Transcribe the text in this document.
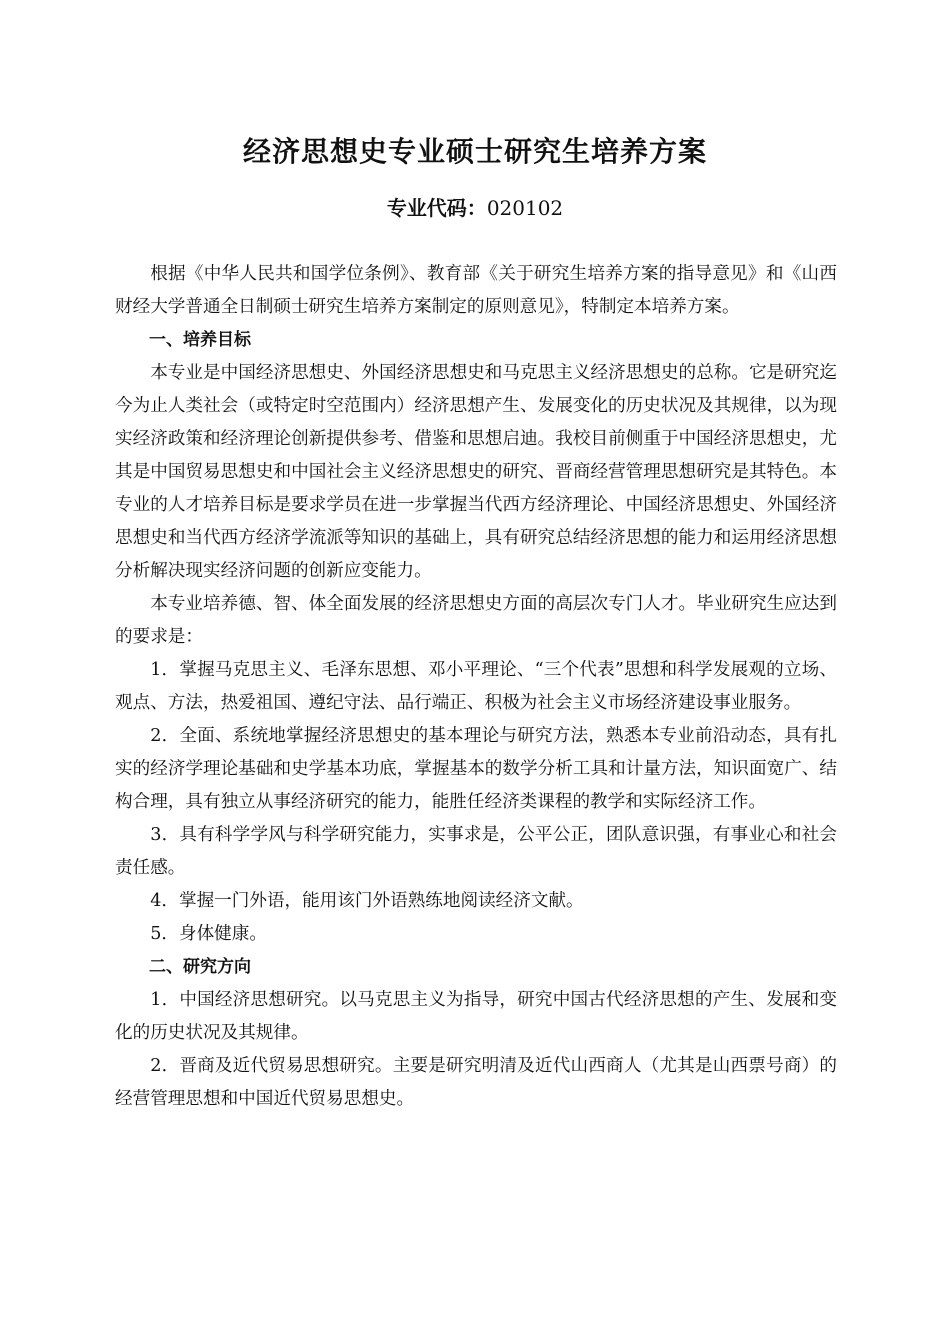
经济思想史专业硕士研究生培养方案
专业代码：020102

根据《中华人民共和国学位条例》、教育部《关于研究生培养方案的指导意见》和《山西财经大学普通全日制硕士研究生培养方案制定的原则意见》，特制定本培养方案。

一、培养目标

本专业是中国经济思想史、外国经济思想史和马克思主义经济思想史的总称。它是研究迄今为止人类社会（或特定时空范围内）经济思想产生、发展变化的历史状况及其规律，以为现实经济政策和经济理论创新提供参考、借鉴和思想启迪。我校目前侧重于中国经济思想史，尤其是中国贸易思想史和中国社会主义经济思想史的研究、晋商经营管理思想研究是其特色。本专业的人才培养目标是要求学员在进一步掌握当代西方经济理论、中国经济思想史、外国经济思想史和当代西方经济学流派等知识的基础上，具有研究总结经济思想的能力和运用经济思想分析解决现实经济问题的创新应变能力。

本专业培养德、智、体全面发展的经济思想史方面的高层次专门人才。毕业研究生应达到的要求是：

1．掌握马克思主义、毛泽东思想、邓小平理论、“三个代表”思想和科学发展观的立场、观点、方法，热爱祖国、遵纪守法、品行端正、积极为社会主义市场经济建设事业服务。

2．全面、系统地掌握经济思想史的基本理论与研究方法，熟悉本专业前沿动态，具有扎实的经济学理论基础和史学基本功底，掌握基本的数学分析工具和计量方法，知识面宽广、结构合理，具有独立从事经济研究的能力，能胜任经济类课程的教学和实际经济工作。

3．具有科学学风与科学研究能力，实事求是，公平公正，团队意识强，有事业心和社会责任感。

4．掌握一门外语，能用该门外语熟练地阅读经济文献。

5．身体健康。

二、研究方向

1．中国经济思想研究。以马克思主义为指导，研究中国古代经济思想的产生、发展和变化的历史状况及其规律。

2．晋商及近代贸易思想研究。主要是研究明清及近代山西商人（尤其是山西票号商）的经营管理思想和中国近代贸易思想史。
